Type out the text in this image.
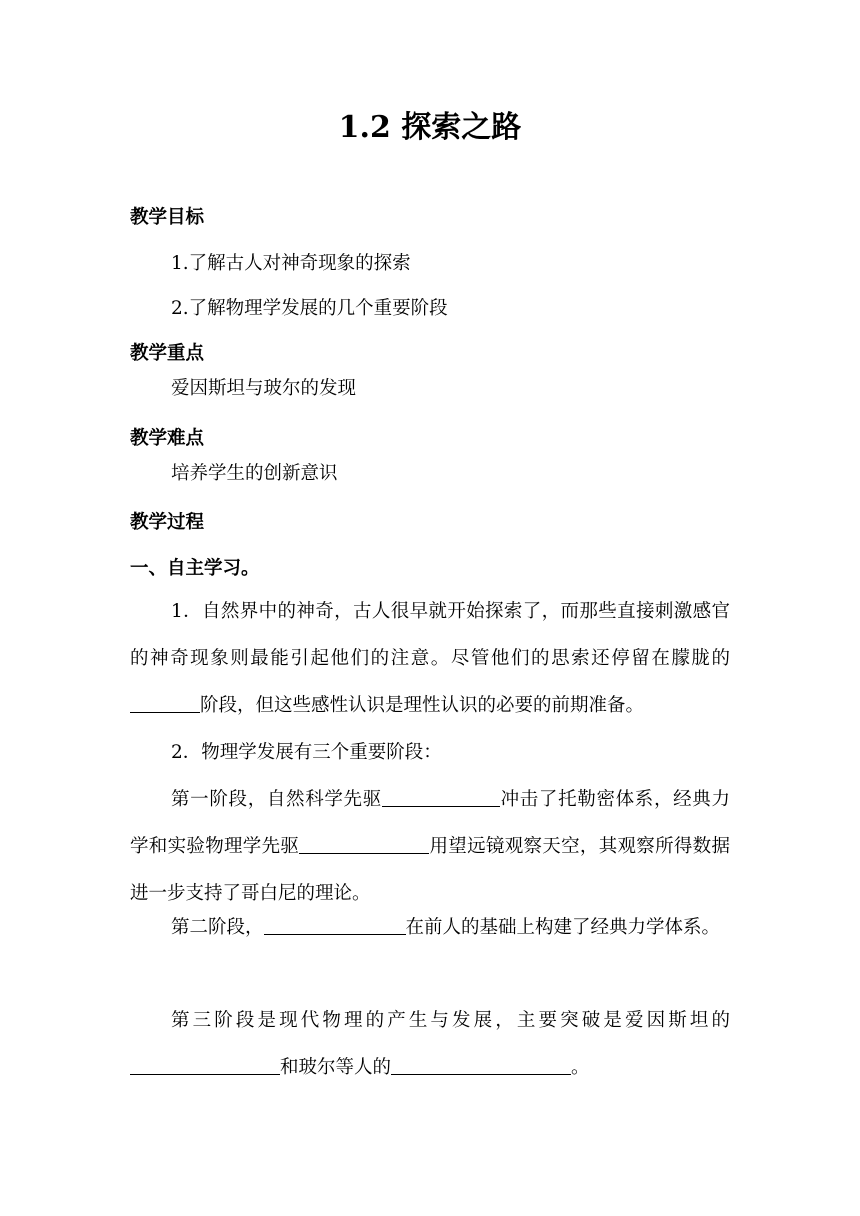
1.2 探索之路
教学目标
1.了解古人对神奇现象的探索
2.了解物理学发展的几个重要阶段
教学重点
爱因斯坦与玻尔的发现
教学难点
培养学生的创新意识
教学过程
一、自主学习。
1．自然界中的神奇，古人很早就开始探索了，而那些直接刺激感官的神奇现象则最能引起他们的注意。尽管他们的思索还停留在朦胧的阶段，但这些感性认识是理性认识的必要的前期准备。
2．物理学发展有三个重要阶段：
第一阶段，自然科学先驱	冲击了托勒密体系，经典力学和实验物理学先驱	用望远镜观察天空，其观察所得数据进一步支持了哥白尼的理论。
第二阶段，	在前人的基础上构建了经典力学体系。
第三阶段是现代物理的产生与发展，主要突破是爱因斯坦的和玻尔等人的	。
